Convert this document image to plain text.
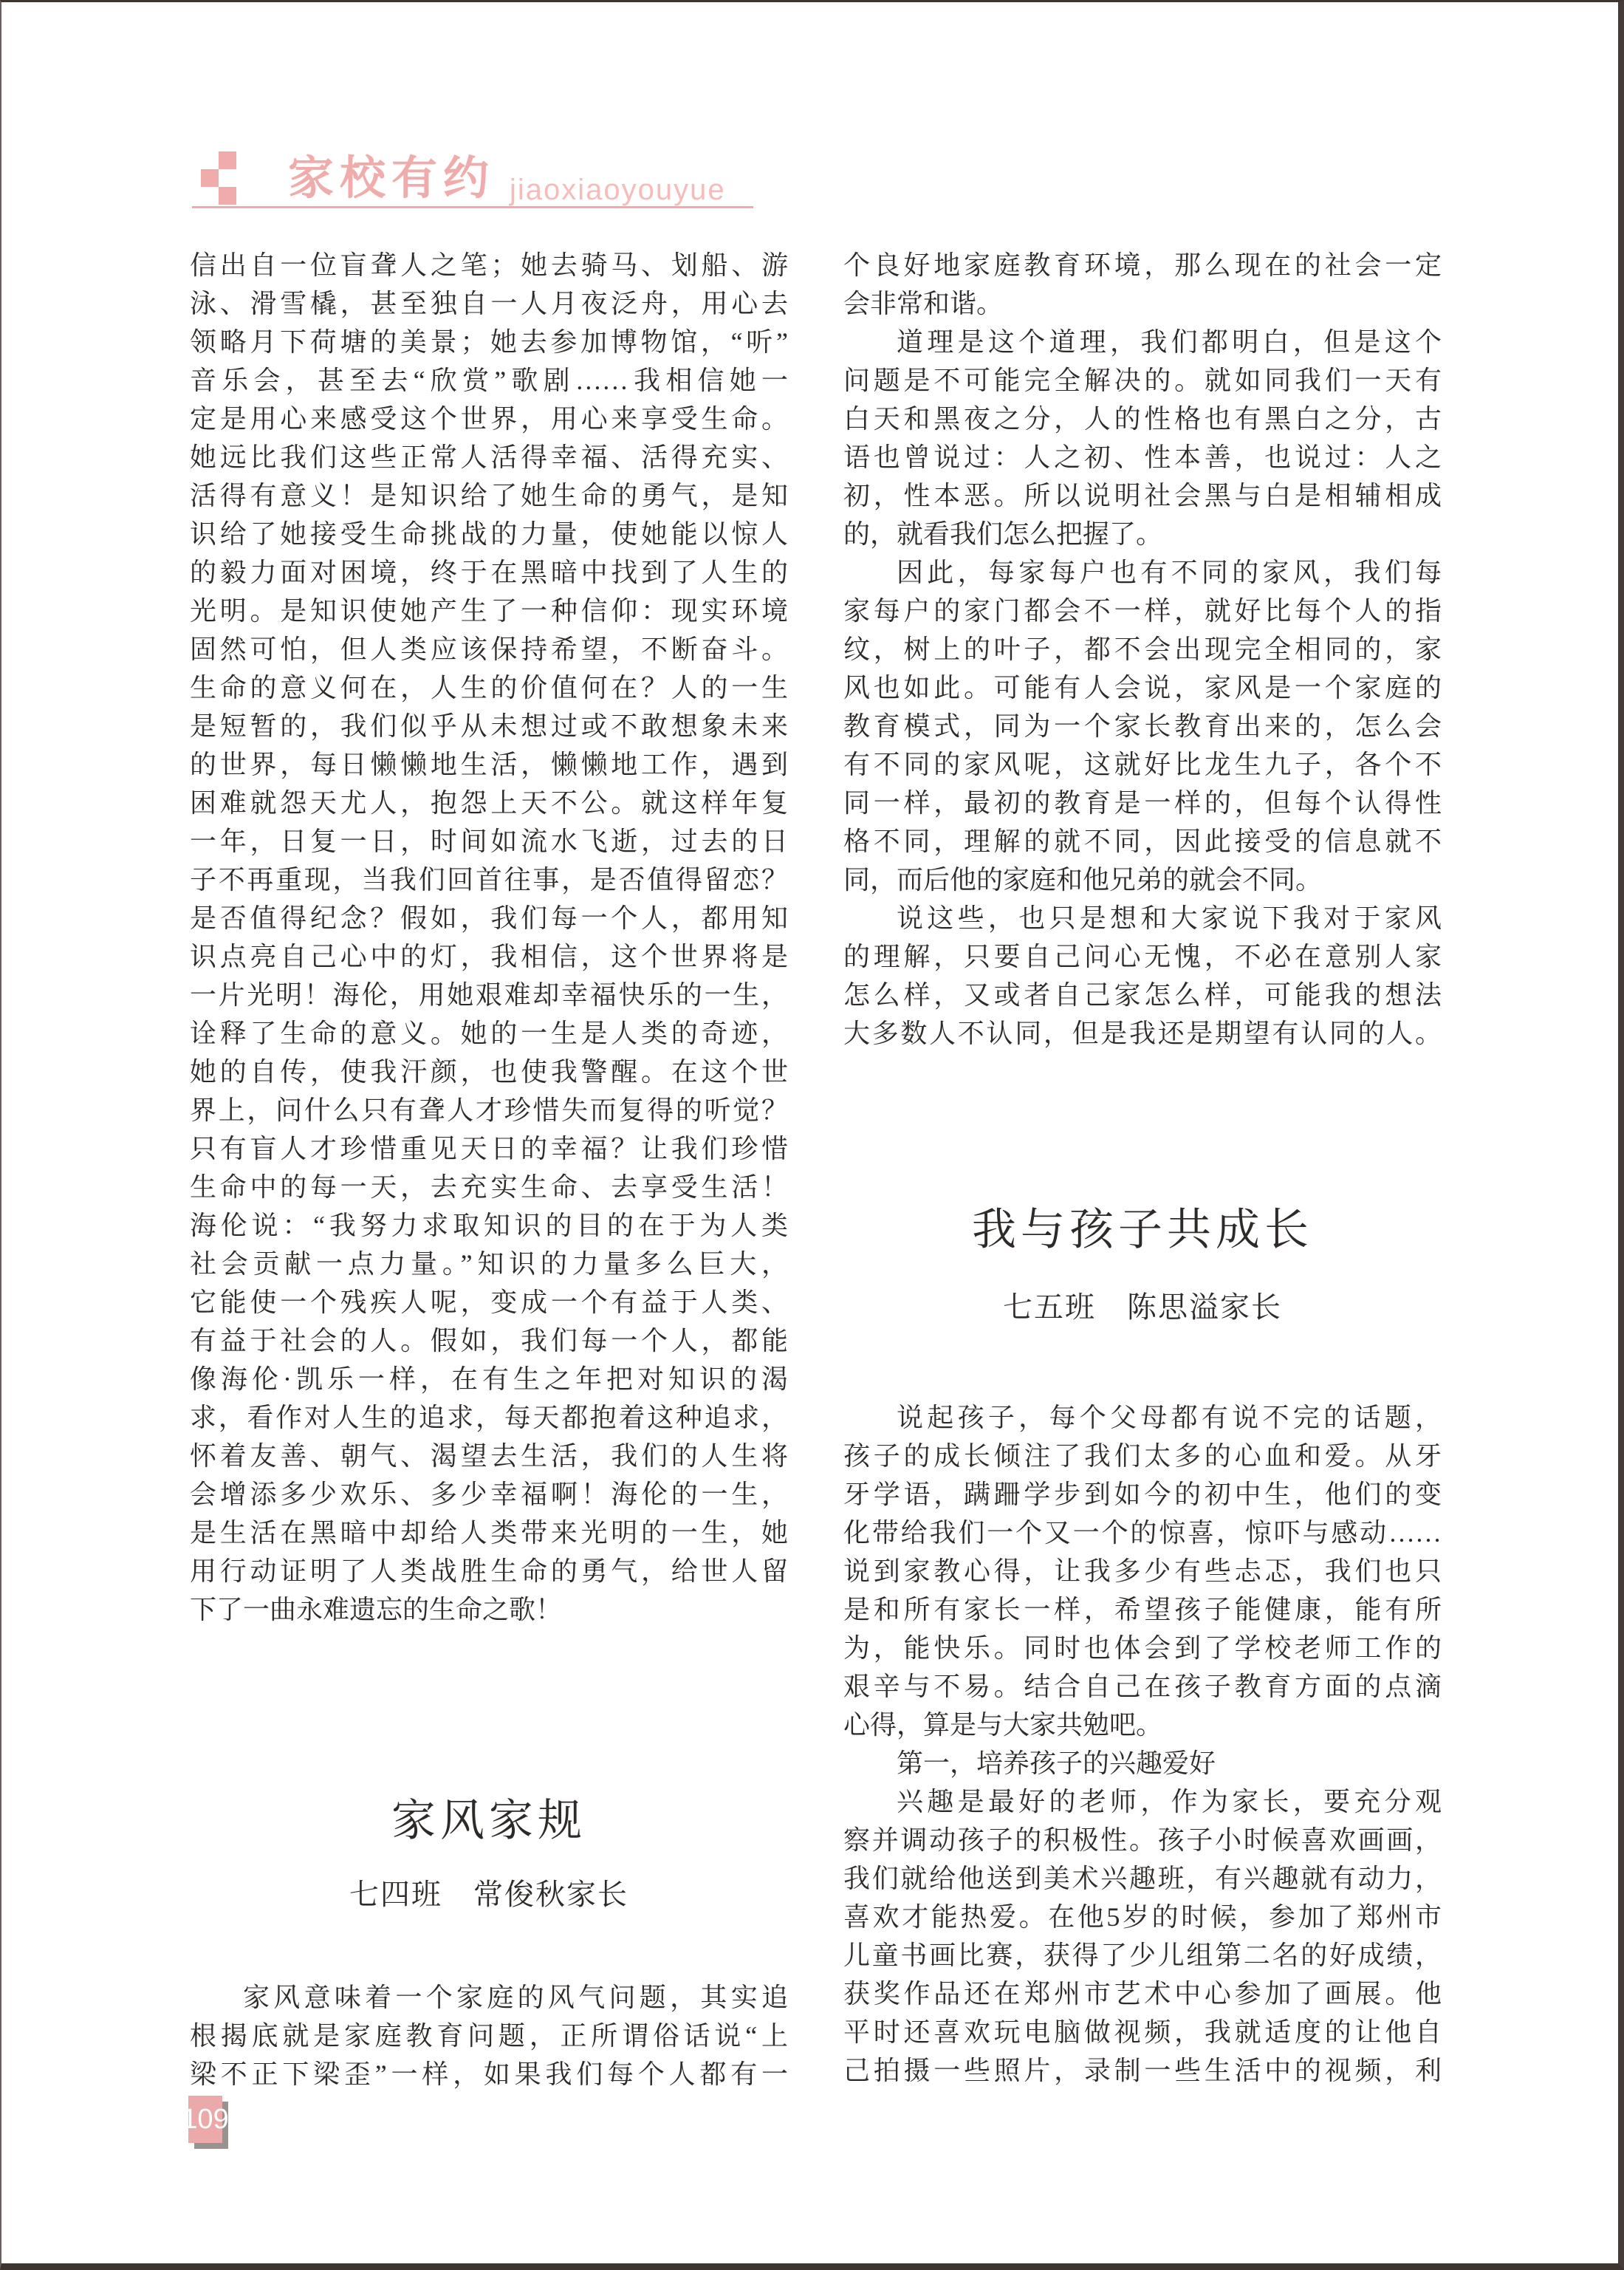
家校有约 jiaoxiaoyouyue
信出自一位盲聋人之笔；她去骑马、划船、游
泳、滑雪橇，甚至独自一人月夜泛舟，用心去
领略月下荷塘的美景；她去参加博物馆，“听”
音乐会，甚至去“欣赏”歌剧……我相信她一
定是用心来感受这个世界，用心来享受生命。
她远比我们这些正常人活得幸福、活得充实、
活得有意义！是知识给了她生命的勇气，是知
识给了她接受生命挑战的力量，使她能以惊人
的毅力面对困境，终于在黑暗中找到了人生的
光明。是知识使她产生了一种信仰：现实环境
固然可怕，但人类应该保持希望，不断奋斗。
生命的意义何在，人生的价值何在？人的一生
是短暂的，我们似乎从未想过或不敢想象未来
的世界，每日懒懒地生活，懒懒地工作，遇到
困难就怨天尤人，抱怨上天不公。就这样年复
一年，日复一日，时间如流水飞逝，过去的日
子不再重现，当我们回首往事，是否值得留恋？
是否值得纪念？假如，我们每一个人，都用知
识点亮自己心中的灯，我相信，这个世界将是
一片光明！海伦，用她艰难却幸福快乐的一生，
诠释了生命的意义。她的一生是人类的奇迹，
她的自传，使我汗颜，也使我警醒。在这个世
界上，问什么只有聋人才珍惜失而复得的听觉？
只有盲人才珍惜重见天日的幸福？让我们珍惜
生命中的每一天，去充实生命、去享受生活！
海伦说：“我努力求取知识的目的在于为人类
社会贡献一点力量。”知识的力量多么巨大，
它能使一个残疾人呢，变成一个有益于人类、
有益于社会的人。假如，我们每一个人，都能
像海伦·凯乐一样，在有生之年把对知识的渴
求，看作对人生的追求，每天都抱着这种追求，
怀着友善、朝气、渴望去生活，我们的人生将
会增添多少欢乐、多少幸福啊！海伦的一生，
是生活在黑暗中却给人类带来光明的一生，她
用行动证明了人类战胜生命的勇气，给世人留
下了一曲永难遗忘的生命之歌！
家风家规
七四班　常俊秋家长
家风意味着一个家庭的风气问题，其实追
根揭底就是家庭教育问题，正所谓俗话说“上
梁不正下梁歪”一样，如果我们每个人都有一
个良好地家庭教育环境，那么现在的社会一定
会非常和谐。
道理是这个道理，我们都明白，但是这个
问题是不可能完全解决的。就如同我们一天有
白天和黑夜之分，人的性格也有黑白之分，古
语也曾说过：人之初、性本善，也说过：人之
初，性本恶。所以说明社会黑与白是相辅相成
的，就看我们怎么把握了。
因此，每家每户也有不同的家风，我们每
家每户的家门都会不一样，就好比每个人的指
纹，树上的叶子，都不会出现完全相同的，家
风也如此。可能有人会说，家风是一个家庭的
教育模式，同为一个家长教育出来的，怎么会
有不同的家风呢，这就好比龙生九子，各个不
同一样，最初的教育是一样的，但每个认得性
格不同，理解的就不同，因此接受的信息就不
同，而后他的家庭和他兄弟的就会不同。
说这些，也只是想和大家说下我对于家风
的理解，只要自己问心无愧，不必在意别人家
怎么样，又或者自己家怎么样，可能我的想法
大多数人不认同，但是我还是期望有认同的人。
我与孩子共成长
七五班　陈思溢家长
说起孩子，每个父母都有说不完的话题，
孩子的成长倾注了我们太多的心血和爱。从牙
牙学语，蹒跚学步到如今的初中生，他们的变
化带给我们一个又一个的惊喜，惊吓与感动……
说到家教心得，让我多少有些忐忑，我们也只
是和所有家长一样，希望孩子能健康，能有所
为，能快乐。同时也体会到了学校老师工作的
艰辛与不易。结合自己在孩子教育方面的点滴
心得，算是与大家共勉吧。
第一，培养孩子的兴趣爱好
兴趣是最好的老师，作为家长，要充分观
察并调动孩子的积极性。孩子小时候喜欢画画，
我们就给他送到美术兴趣班，有兴趣就有动力，
喜欢才能热爱。在他5岁的时候，参加了郑州市
儿童书画比赛，获得了少儿组第二名的好成绩，
获奖作品还在郑州市艺术中心参加了画展。他
平时还喜欢玩电脑做视频，我就适度的让他自
己拍摄一些照片，录制一些生活中的视频，利
109
